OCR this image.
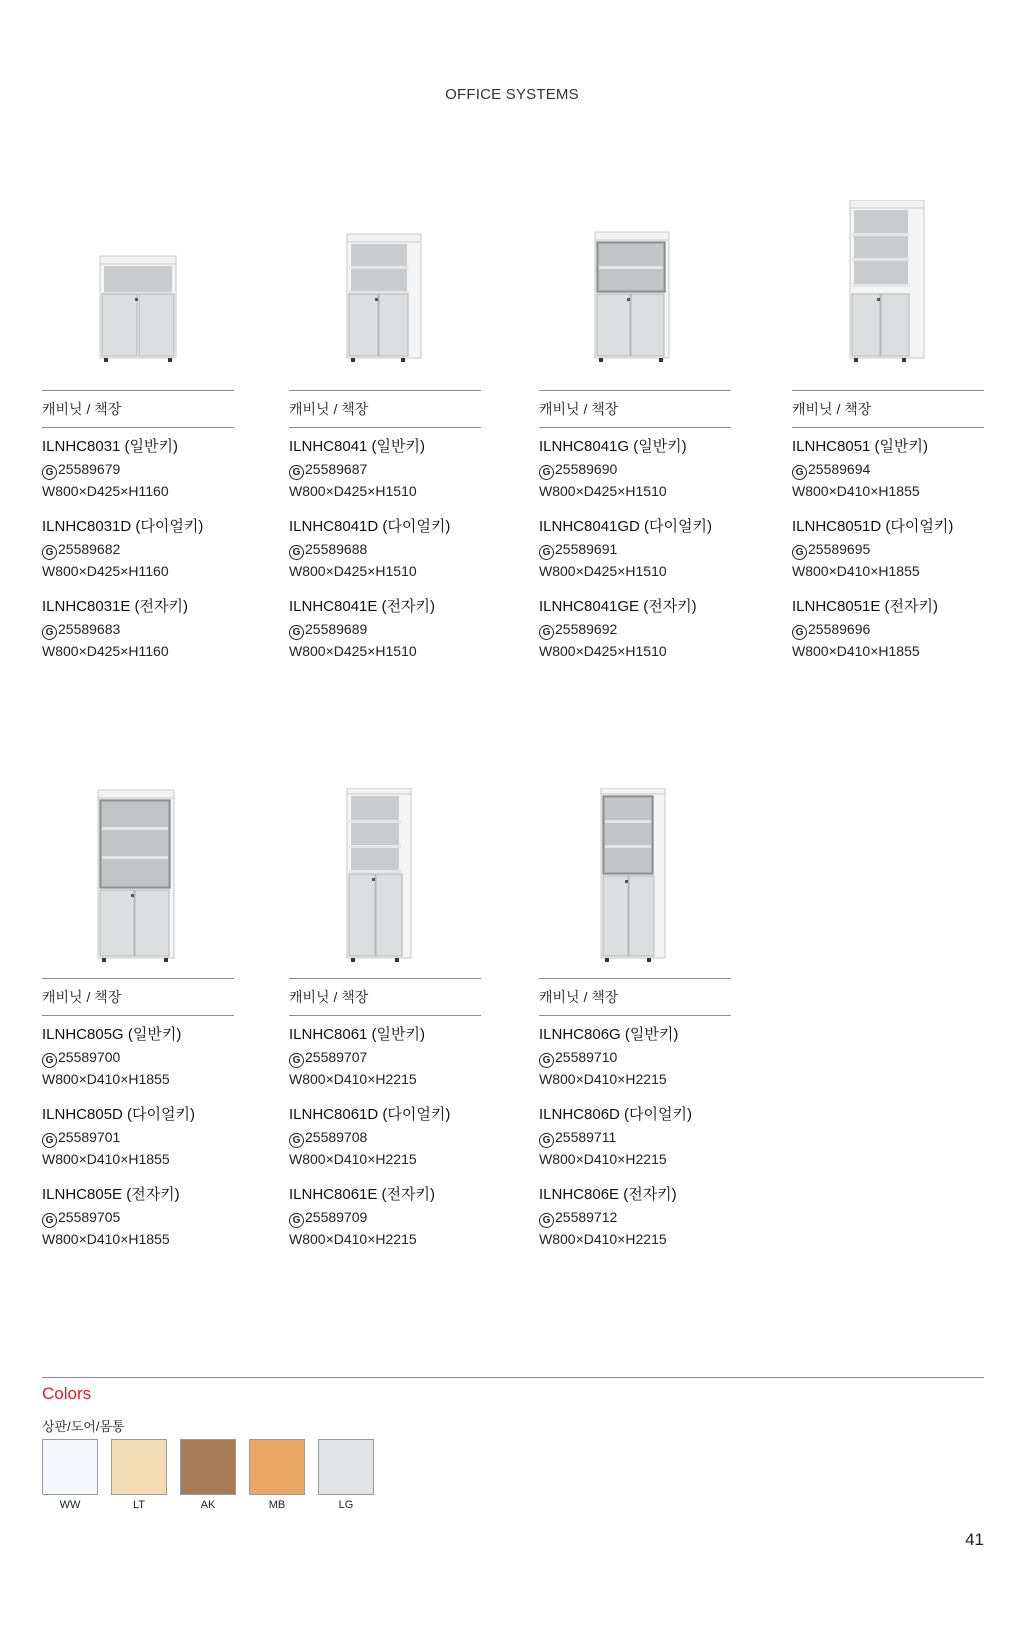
OFFICE SYSTEMS
캐비닛 / 책장
ILNHC8031 (일반키)
G 25589679
W800×D425×H1160
ILNHC8031D (다이얼키)
G 25589682
W800×D425×H1160
ILNHC8031E (전자키)
G 25589683
W800×D425×H1160
캐비닛 / 책장
ILNHC8041 (일반키)
G 25589687
W800×D425×H1510
ILNHC8041D (다이얼키)
G 25589688
W800×D425×H1510
ILNHC8041E (전자키)
G 25589689
W800×D425×H1510
캐비닛 / 책장
ILNHC8041G (일반키)
G 25589690
W800×D425×H1510
ILNHC8041GD (다이얼키)
G 25589691
W800×D425×H1510
ILNHC8041GE (전자키)
G 25589692
W800×D425×H1510
캐비닛 / 책장
ILNHC8051 (일반키)
G 25589694
W800×D410×H1855
ILNHC8051D (다이얼키)
G 25589695
W800×D410×H1855
ILNHC8051E (전자키)
G 25589696
W800×D410×H1855
캐비닛 / 책장
ILNHC805G (일반키)
G 25589700
W800×D410×H1855
ILNHC805D (다이얼키)
G 25589701
W800×D410×H1855
ILNHC805E (전자키)
G 25589705
W800×D410×H1855
캐비닛 / 책장
ILNHC8061 (일반키)
G 25589707
W800×D410×H2215
ILNHC8061D (다이얼키)
G 25589708
W800×D410×H2215
ILNHC8061E (전자키)
G 25589709
W800×D410×H2215
캐비닛 / 책장
ILNHC806G (일반키)
G 25589710
W800×D410×H2215
ILNHC806D (다이얼키)
G 25589711
W800×D410×H2215
ILNHC806E (전자키)
G 25589712
W800×D410×H2215
Colors
상판/도어/몸통
WW	LT	AK	MB	LG
41
